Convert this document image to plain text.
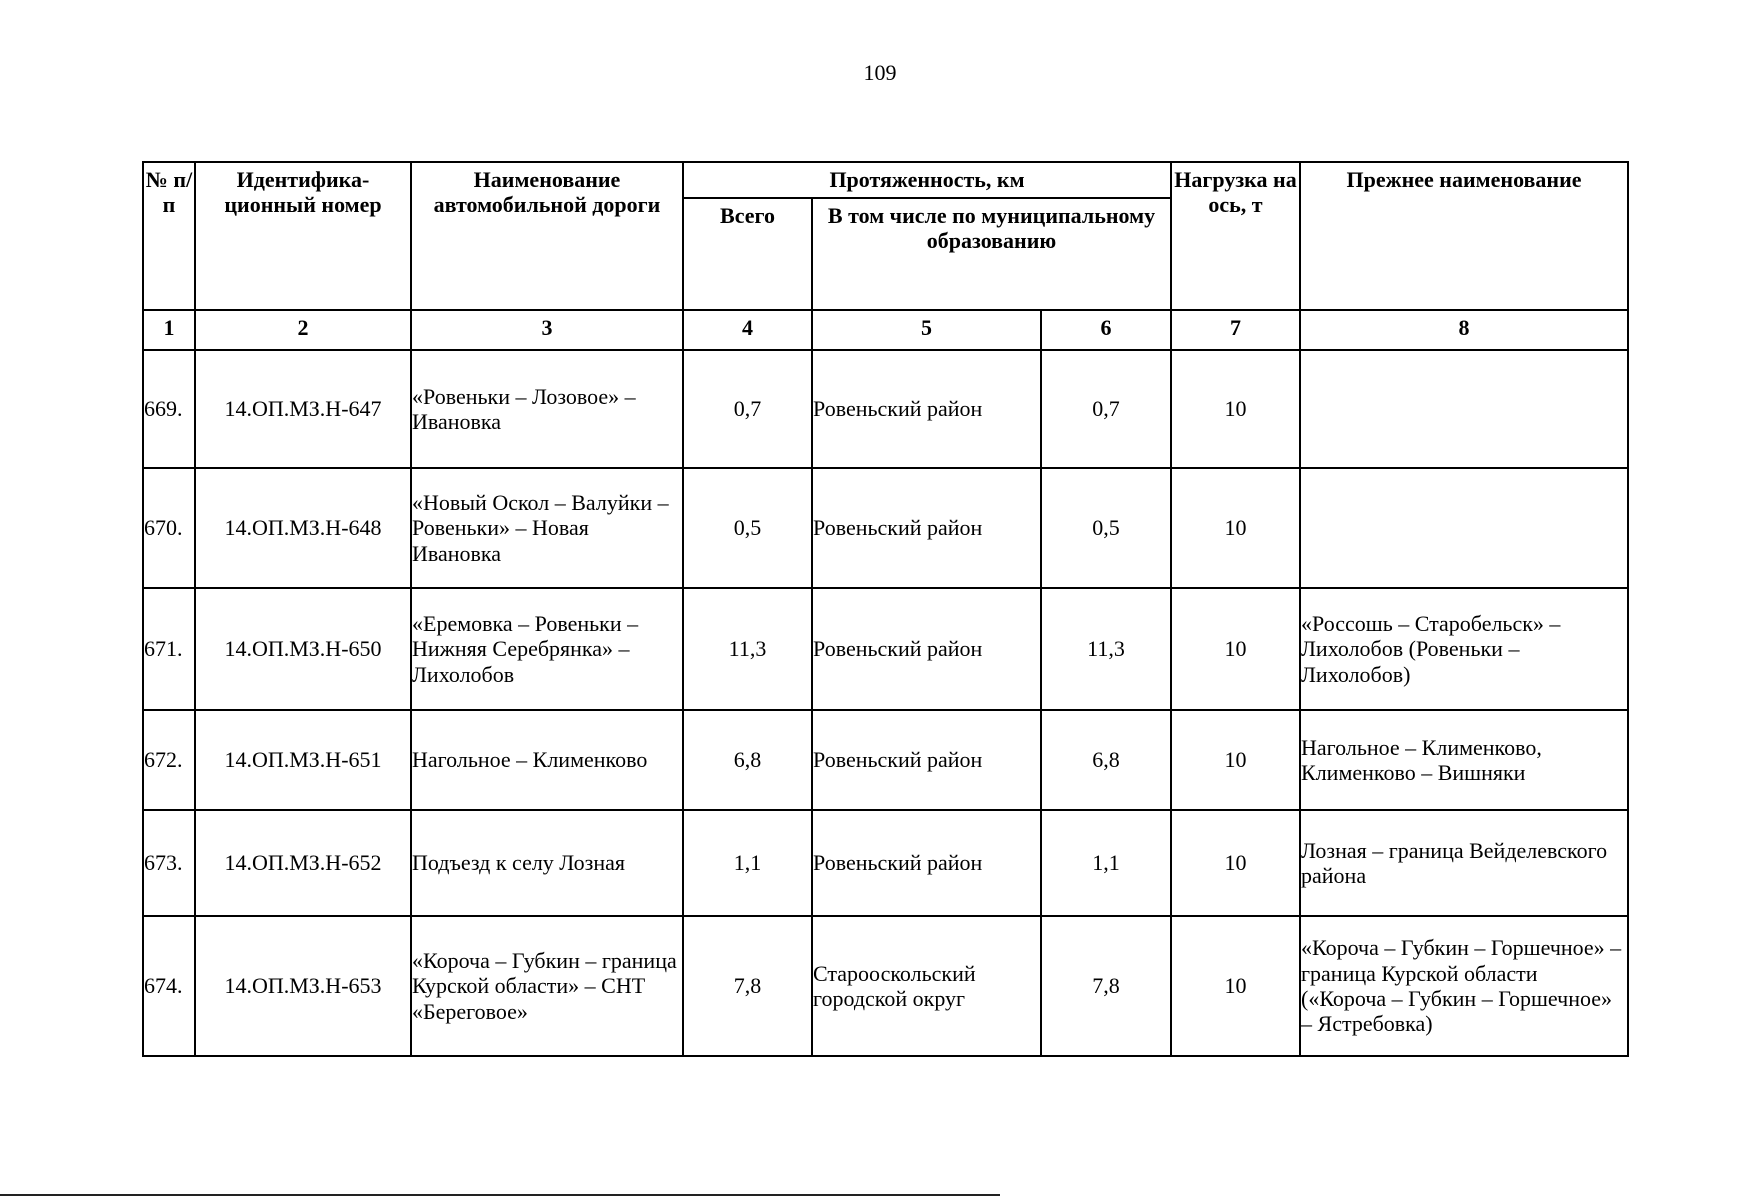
109
№ п/п	Идентифика-ционный номер	Наименование автомобильной дороги	Протяженность, км			Нагрузка на ось, т	Прежнее наименование
			Всего	В том числе по муниципальному образованию			
1	2	3	4	5	6	7	8
669.	14.ОП.МЗ.Н-647	«Ровеньки – Лозовое» – Ивановка	0,7	Ровеньский район	0,7	10	
670.	14.ОП.МЗ.Н-648	«Новый Оскол – Валуйки – Ровеньки» – Новая Ивановка	0,5	Ровеньский район	0,5	10	
671.	14.ОП.МЗ.Н-650	«Еремовка – Ровеньки – Нижняя Серебрянка» – Лихолобов	11,3	Ровеньский район	11,3	10	«Россошь – Старобельск» – Лихолобов (Ровеньки – Лихолобов)
672.	14.ОП.МЗ.Н-651	Нагольное – Клименково	6,8	Ровеньский район	6,8	10	Нагольное – Клименково, Клименково – Вишняки
673.	14.ОП.МЗ.Н-652	Подъезд к селу Лозная	1,1	Ровеньский район	1,1	10	Лозная – граница Вейделевского района
674.	14.ОП.МЗ.Н-653	«Короча – Губкин – граница Курской области» – СНТ «Береговое»	7,8	Старооскольский городской округ	7,8	10	«Короча – Губкин – Горшечное» – граница Курской области («Короча – Губкин – Горшечное» – Ястребовка)
